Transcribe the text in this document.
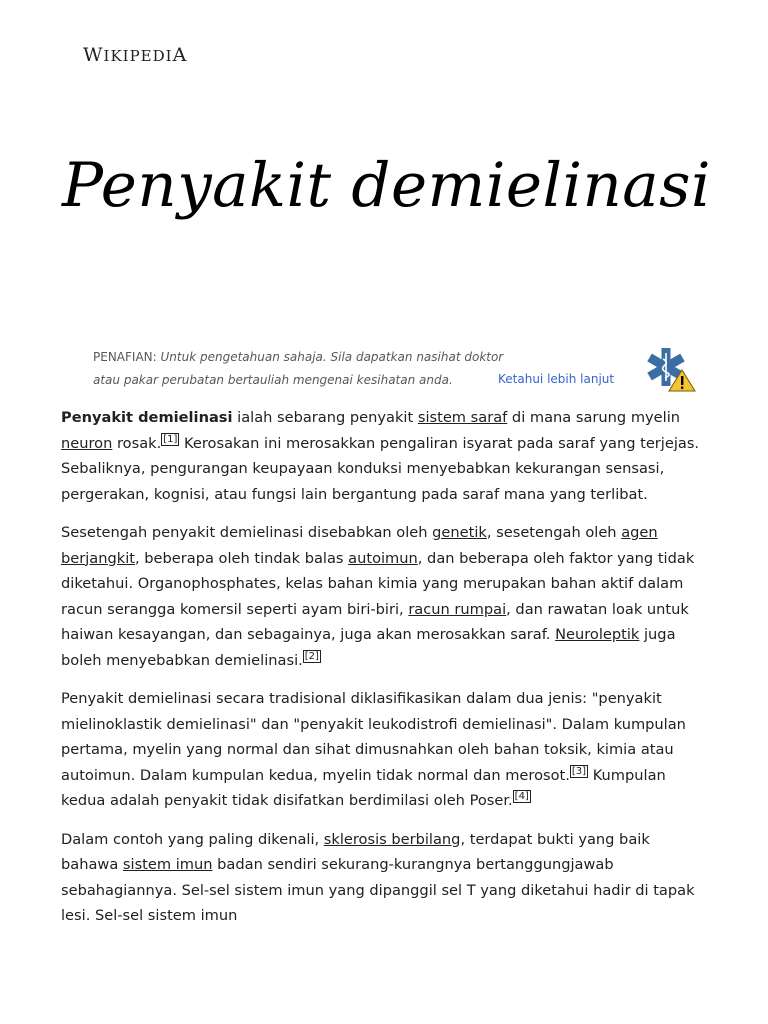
WIKIPEDIA
Penyakit demielinasi
PENAFIAN: Untuk pengetahuan sahaja. Sila dapatkan nasihat doktor atau pakar perubatan bertauliah mengenai kesihatan anda.	Ketahui lebih lanjut

Penyakit demielinasi ialah sebarang penyakit sistem saraf di mana sarung myelin neuron rosak. [1] Kerosakan ini merosakkan pengaliran isyarat pada saraf yang terjejas. Sebaliknya, pengurangan keupayaan konduksi menyebabkan kekurangan sensasi, pergerakan, kognisi, atau fungsi lain bergantung pada saraf mana yang terlibat.

Sesetengah penyakit demielinasi disebabkan oleh genetik, sesetengah oleh agen berjangkit, beberapa oleh tindak balas autoimun, dan beberapa oleh faktor yang tidak diketahui. Organophosphates, kelas bahan kimia yang merupakan bahan aktif dalam racun serangga komersil seperti ayam biri-biri, racun rumpai, dan rawatan loak untuk haiwan kesayangan, dan sebagainya, juga akan merosakkan saraf. Neuroleptik juga boleh menyebabkan demielinasi. [2]

Penyakit demielinasi secara tradisional diklasifikasikan dalam dua jenis: "penyakit mielinoklastik demielinasi" dan "penyakit leukodistrofi demielinasi". Dalam kumpulan pertama, myelin yang normal dan sihat dimusnahkan oleh bahan toksik, kimia atau autoimun. Dalam kumpulan kedua, myelin tidak normal dan merosot. [3] Kumpulan kedua adalah penyakit tidak disifatkan berdimilasi oleh Poser. [4]

Dalam contoh yang paling dikenali, sklerosis berbilang, terdapat bukti yang baik bahawa sistem imun badan sendiri sekurang-kurangnya bertanggungjawab sebahagiannya. Sel-sel sistem imun yang dipanggil sel T yang diketahui hadir di tapak lesi. Sel-sel sistem imun
